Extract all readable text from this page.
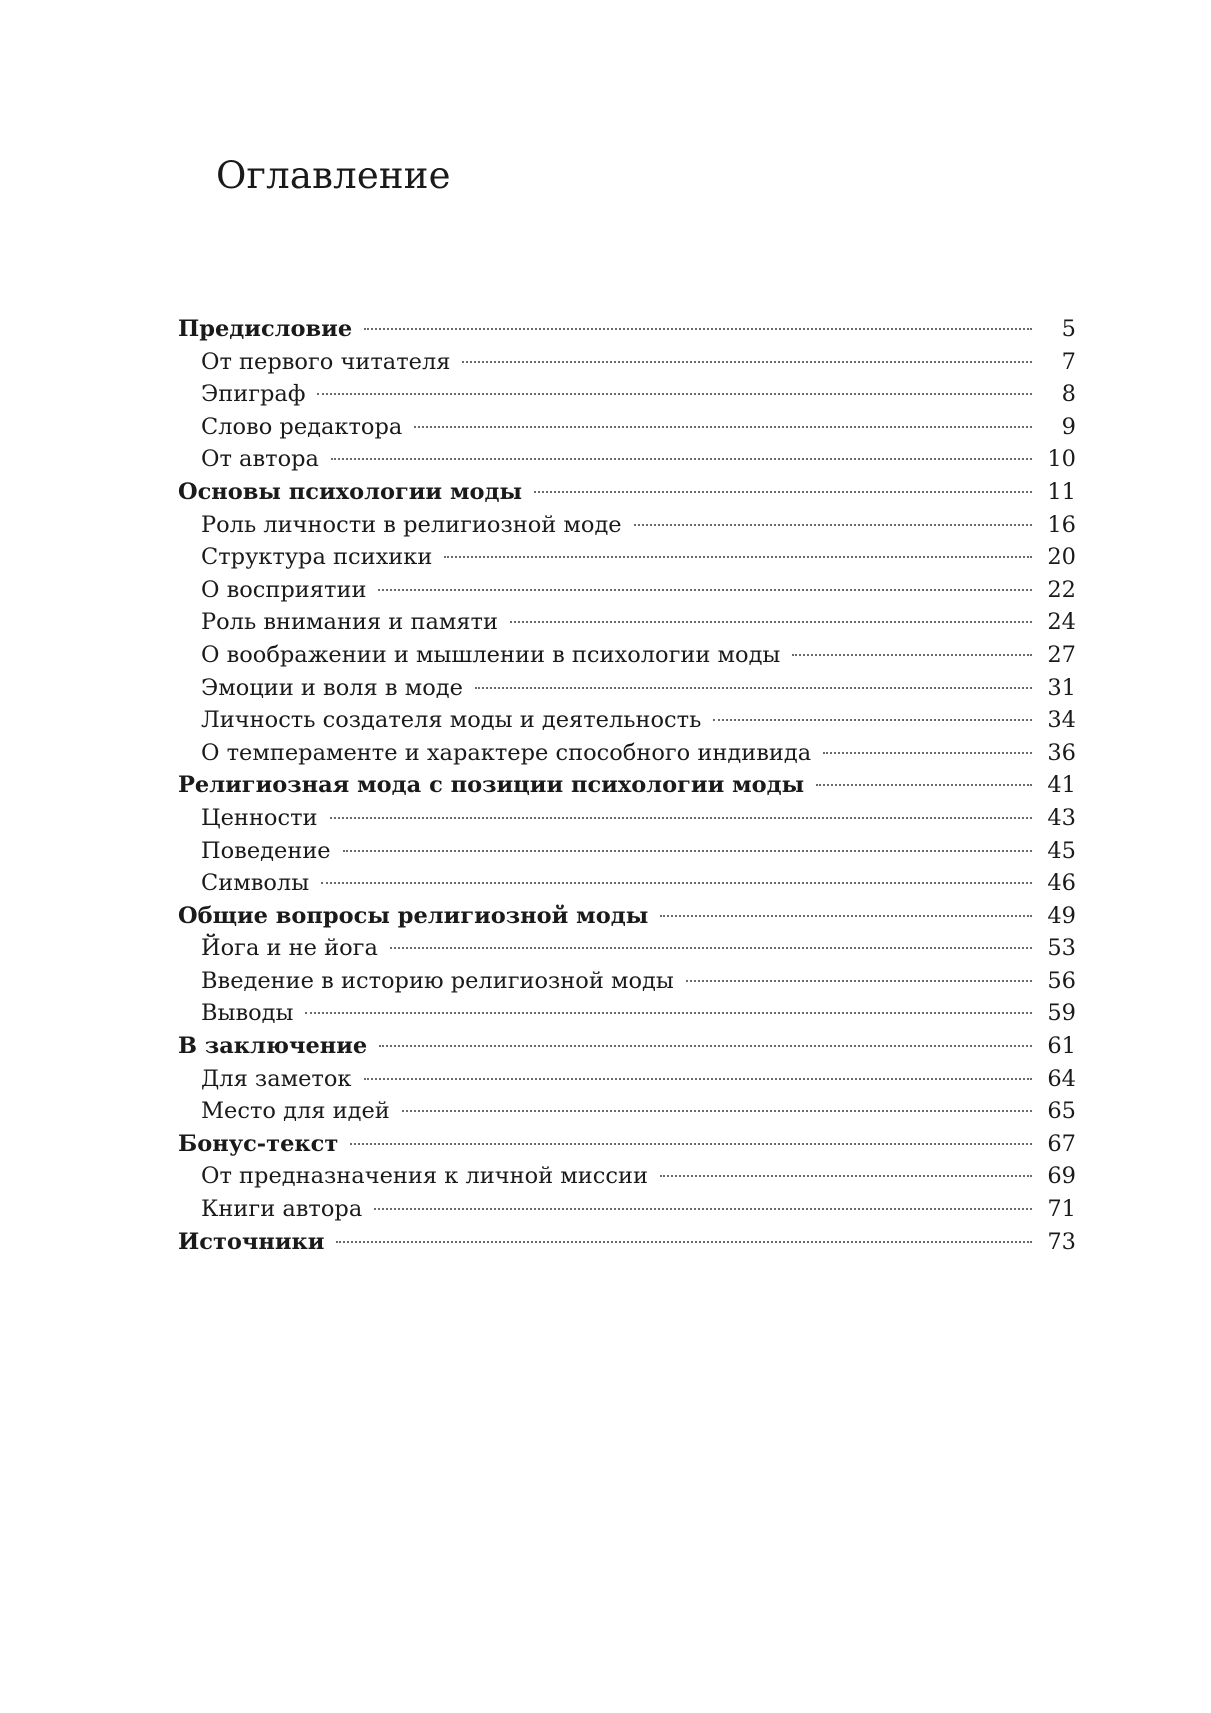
Оглавление
Предисловие	5
От первого читателя	7
Эпиграф	8
Слово редактора	9
От автора	10
Основы психологии моды	11
Роль личности в религиозной моде	16
Структура психики	20
О восприятии	22
Роль внимания и памяти	24
О воображении и мышлении в психологии моды	27
Эмоции и воля в моде	31
Личность создателя моды и деятельность	34
О темпераменте и характере способного индивида	36
Религиозная мода с позиции психологии моды	41
Ценности	43
Поведение	45
Символы	46
Общие вопросы религиозной моды	49
Йога и не йога	53
Введение в историю религиозной моды	56
Выводы	59
В заключение	61
Для заметок	64
Место для идей	65
Бонус-текст	67
От предназначения к личной миссии	69
Книги автора	71
Источники	73
